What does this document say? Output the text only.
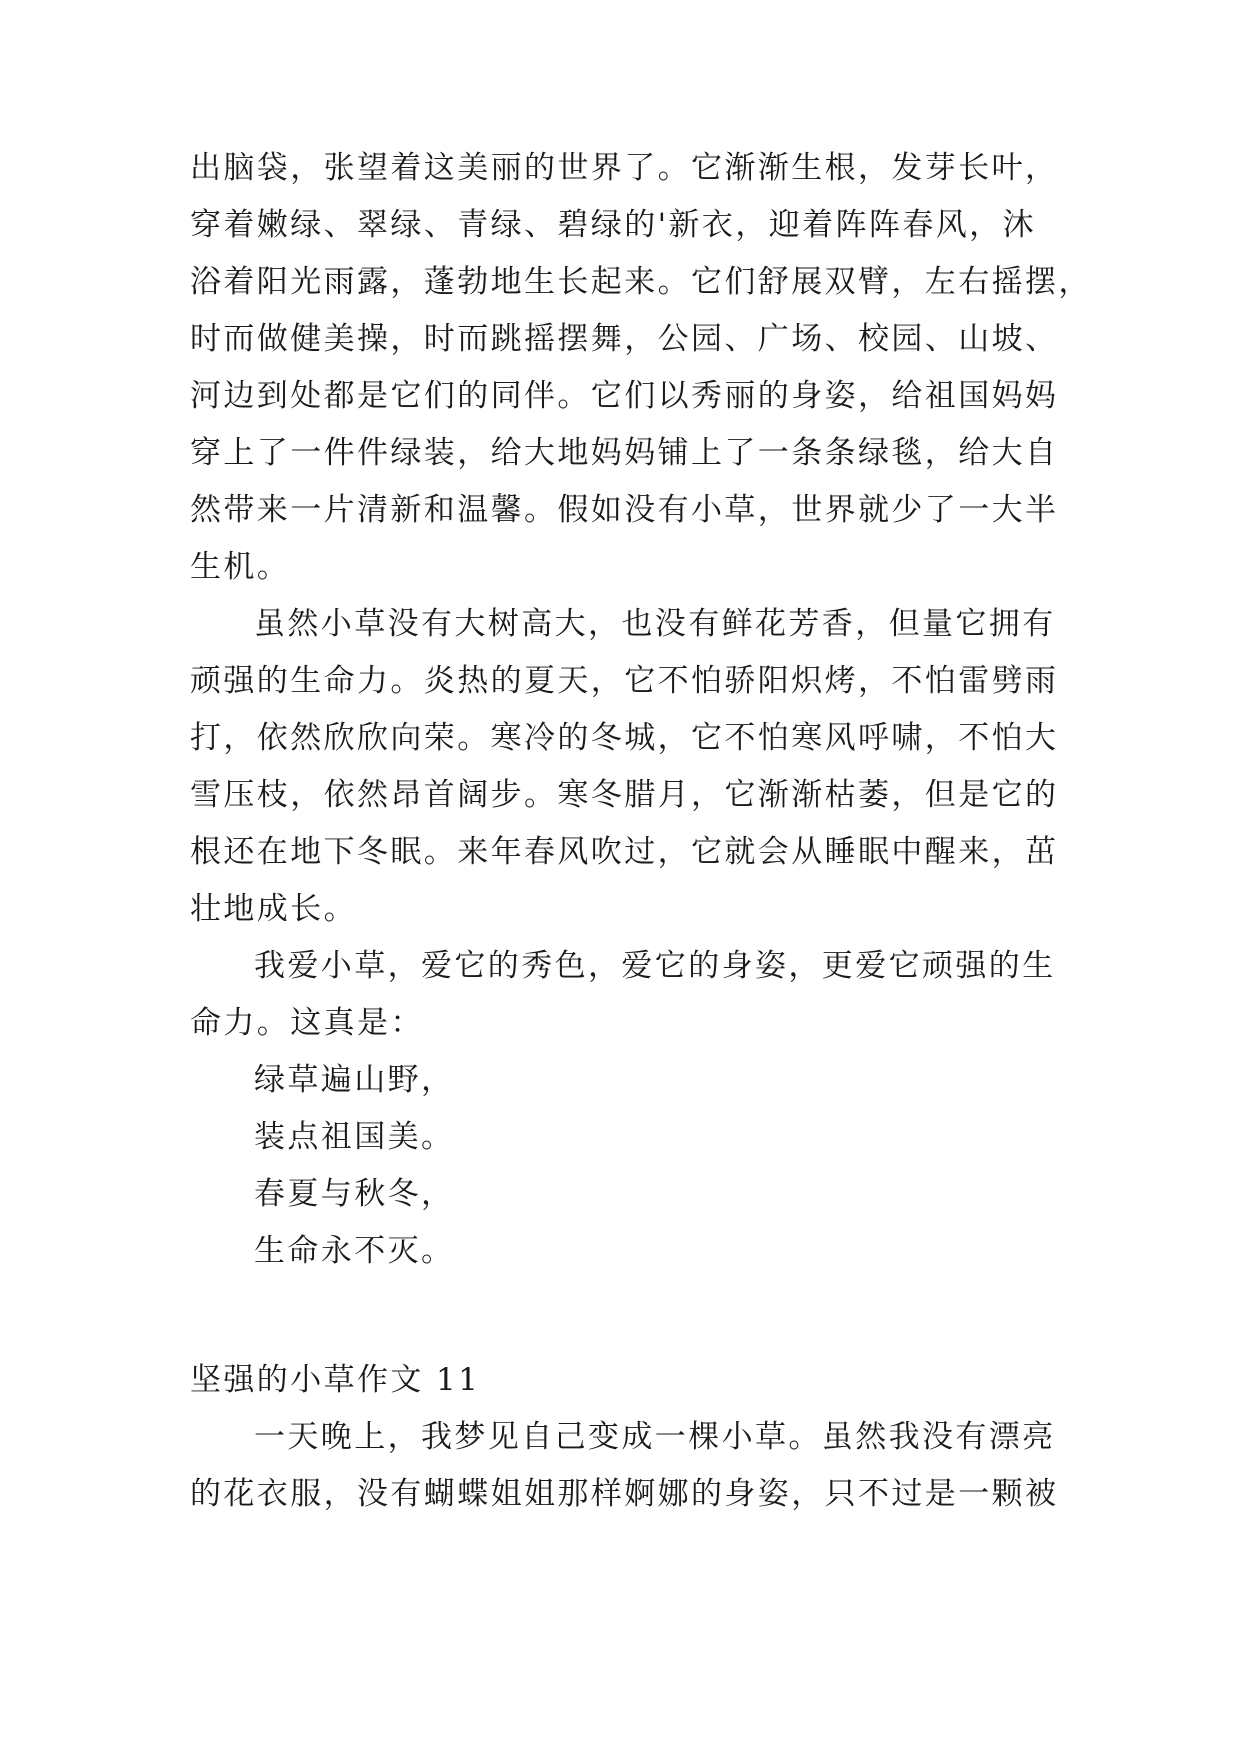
出脑袋，张望着这美丽的世界了。它渐渐生根，发芽长叶，
穿着嫩绿、翠绿、青绿、碧绿的'新衣，迎着阵阵春风，沐
浴着阳光雨露，蓬勃地生长起来。它们舒展双臂，左右摇摆，
时而做健美操，时而跳摇摆舞，公园、广场、校园、山坡、
河边到处都是它们的同伴。它们以秀丽的身姿，给祖国妈妈
穿上了一件件绿装，给大地妈妈铺上了一条条绿毯，给大自
然带来一片清新和温馨。假如没有小草，世界就少了一大半
生机。
虽然小草没有大树高大，也没有鲜花芳香，但量它拥有
顽强的生命力。炎热的夏天，它不怕骄阳炽烤，不怕雷劈雨
打，依然欣欣向荣。寒冷的冬城，它不怕寒风呼啸，不怕大
雪压枝，依然昂首阔步。寒冬腊月，它渐渐枯萎，但是它的
根还在地下冬眠。来年春风吹过，它就会从睡眠中醒来，茁
壮地成长。
我爱小草，爱它的秀色，爱它的身姿，更爱它顽强的生
命力。这真是：
绿草遍山野，
装点祖国美。
春夏与秋冬，
生命永不灭。
坚强的小草作文 11
一天晚上，我梦见自己变成一棵小草。虽然我没有漂亮
的花衣服，没有蝴蝶姐姐那样婀娜的身姿，只不过是一颗被
